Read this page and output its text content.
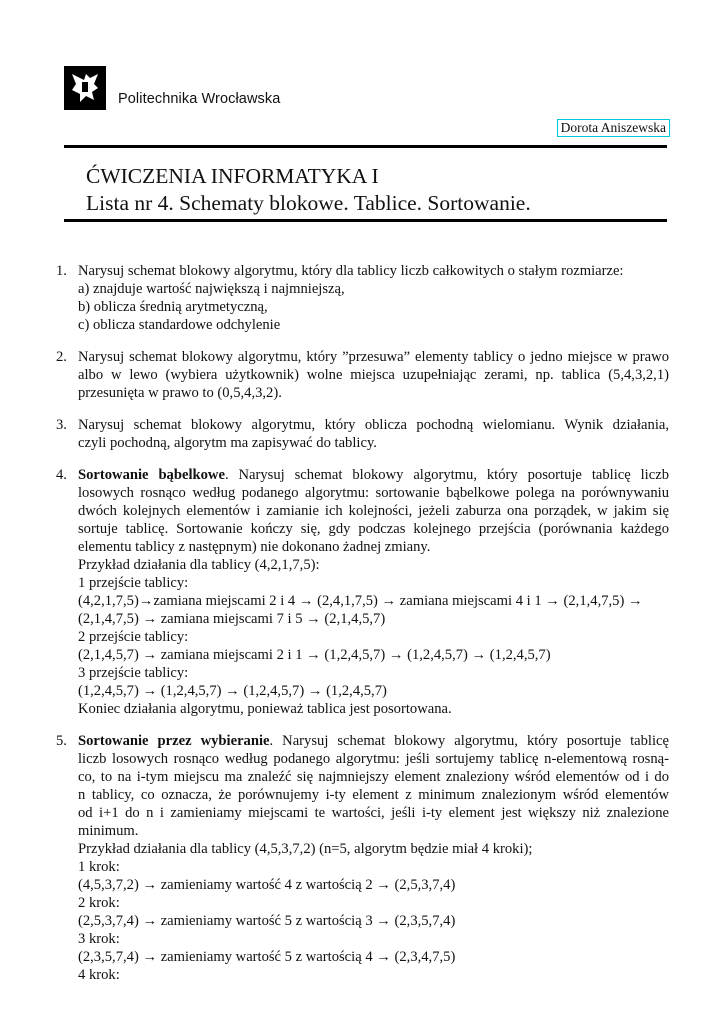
Politechnika Wrocławska
Dorota Aniszewska
ĆWICZENIA INFORMATYKA I
Lista nr 4. Schematy blokowe. Tablice. Sortowanie.
1. Narysuj schemat blokowy algorytmu, który dla tablicy liczb całkowitych o stałym rozmiarze:
a) znajduje wartość największą i najmniejszą,
b) oblicza średnią arytmetyczną,
c) oblicza standardowe odchylenie
2. Narysuj schemat blokowy algorytmu, który ”przesuwa” elementy tablicy o jedno miejsce w prawo
albo w lewo (wybiera użytkownik) wolne miejsca uzupełniając zerami, np. tablica (5,4,3,2,1)
przesunięta w prawo to (0,5,4,3,2).
3. Narysuj schemat blokowy algorytmu, który oblicza pochodną wielomianu. Wynik działania,
czyli pochodną, algorytm ma zapisywać do tablicy.
4. Sortowanie bąbelkowe. Narysuj schemat blokowy algorytmu, który posortuje tablicę liczb
losowych rosnąco według podanego algorytmu: sortowanie bąbelkowe polega na porównywaniu
dwóch kolejnych elementów i zamianie ich kolejności, jeżeli zaburza ona porządek, w jakim się
sortuje tablicę. Sortowanie kończy się, gdy podczas kolejnego przejścia (porównania każdego
elementu tablicy z następnym) nie dokonano żadnej zmiany.
Przykład działania dla tablicy (4,2,1,7,5):
1 przejście tablicy:
(4,2,1,7,5)→zamiana miejscami 2 i 4 → (2,4,1,7,5) → zamiana miejscami 4 i 1 → (2,1,4,7,5) →
(2,1,4,7,5) → zamiana miejscami 7 i 5 → (2,1,4,5,7)
2 przejście tablicy:
(2,1,4,5,7) → zamiana miejscami 2 i 1 → (1,2,4,5,7) → (1,2,4,5,7) → (1,2,4,5,7)
3 przejście tablicy:
(1,2,4,5,7) → (1,2,4,5,7) → (1,2,4,5,7) → (1,2,4,5,7)
Koniec działania algorytmu, ponieważ tablica jest posortowana.
5. Sortowanie przez wybieranie. Narysuj schemat blokowy algorytmu, który posortuje tablicę
liczb losowych rosnąco według podanego algorytmu: jeśli sortujemy tablicę n-elementową rosną-
co, to na i-tym miejscu ma znaleźć się najmniejszy element znaleziony wśród elementów od i do
n tablicy, co oznacza, że porównujemy i-ty element z minimum znalezionym wśród elementów
od i+1 do n i zamieniamy miejscami te wartości, jeśli i-ty element jest większy niż znalezione
minimum.
Przykład działania dla tablicy (4,5,3,7,2) (n=5, algorytm będzie miał 4 kroki);
1 krok:
(4,5,3,7,2) → zamieniamy wartość 4 z wartością 2 → (2,5,3,7,4)
2 krok:
(2,5,3,7,4) → zamieniamy wartość 5 z wartością 3 → (2,3,5,7,4)
3 krok:
(2,3,5,7,4) → zamieniamy wartość 5 z wartością 4 → (2,3,4,7,5)
4 krok:
